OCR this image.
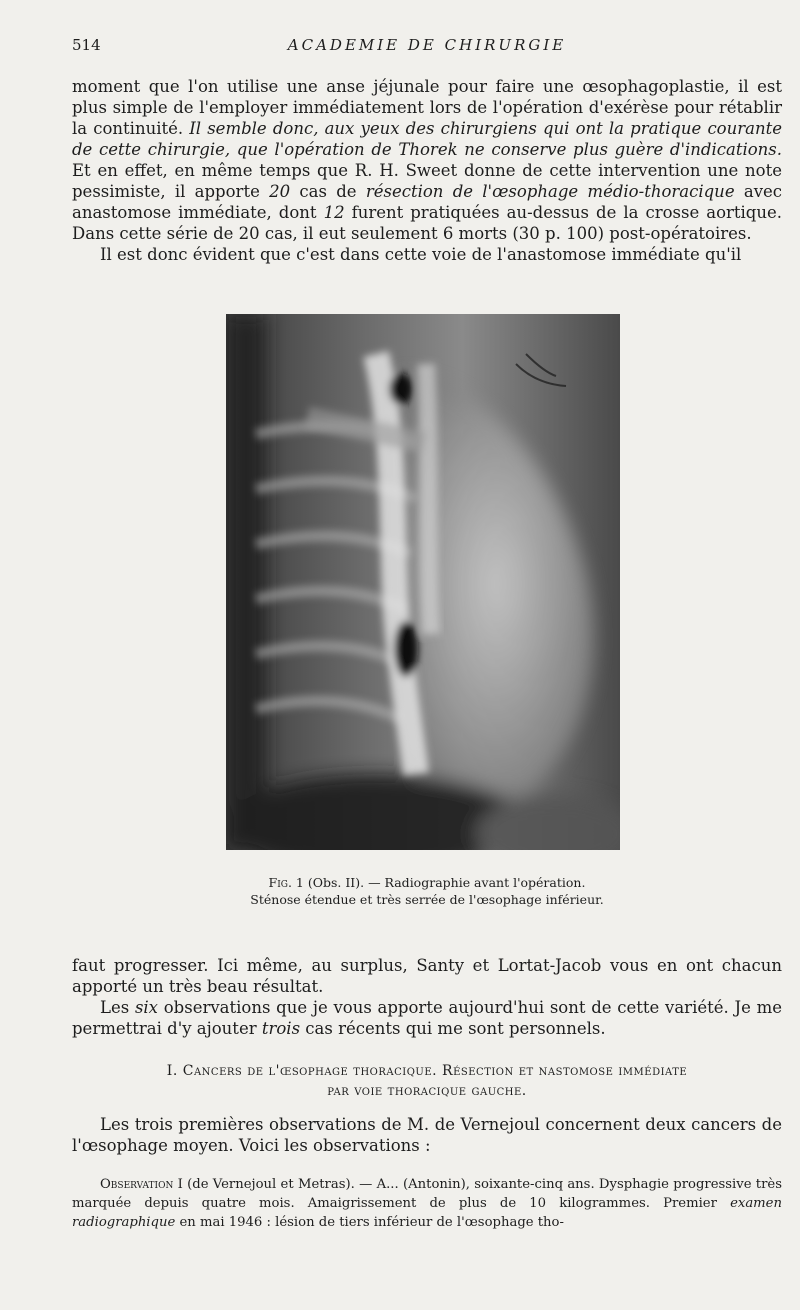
514	ACADEMIE DE CHIRURGIE

moment que l'on utilise une anse jéjunale pour faire une œsophagoplastie, il est plus simple de l'employer immédiatement lors de l'opération d'exérèse pour rétablir la continuité. Il semble donc, aux yeux des chirurgiens qui ont la pratique courante de cette chirurgie, que l'opération de Thorek ne conserve plus guère d'indications. Et en effet, en même temps que R. H. Sweet donne de cette intervention une note pessimiste, il apporte 20 cas de résection de l'œsophage médio-thoracique avec anastomose immédiate, dont 12 furent pratiquées au-dessus de la crosse aortique. Dans cette série de 20 cas, il eut seulement 6 morts (30 p. 100) post-opératoires.

Il est donc évident que c'est dans cette voie de l'anastomose immédiate qu'il

Fig. 1 (Obs. II). — Radiographie avant l'opération.
Sténose étendue et très serrée de l'œsophage inférieur.

faut progresser. Ici même, au surplus, Santy et Lortat-Jacob vous en ont chacun apporté un très beau résultat.

Les six observations que je vous apporte aujourd'hui sont de cette variété. Je me permettrai d'y ajouter trois cas récents qui me sont personnels.

I. Cancers de l'œsophage thoracique. Résection et nastomose immédiate
par voie thoracique gauche.

Les trois premières observations de M. de Vernejoul concernent deux cancers de l'œsophage moyen. Voici les observations :

Observation I (de Vernejoul et Metras). — A... (Antonin), soixante-cinq ans. Dysphagie progressive très marquée depuis quatre mois. Amaigrissement de plus de 10 kilogrammes. Premier examen radiographique en mai 1946 : lésion de tiers inférieur de l'œsophage tho-
